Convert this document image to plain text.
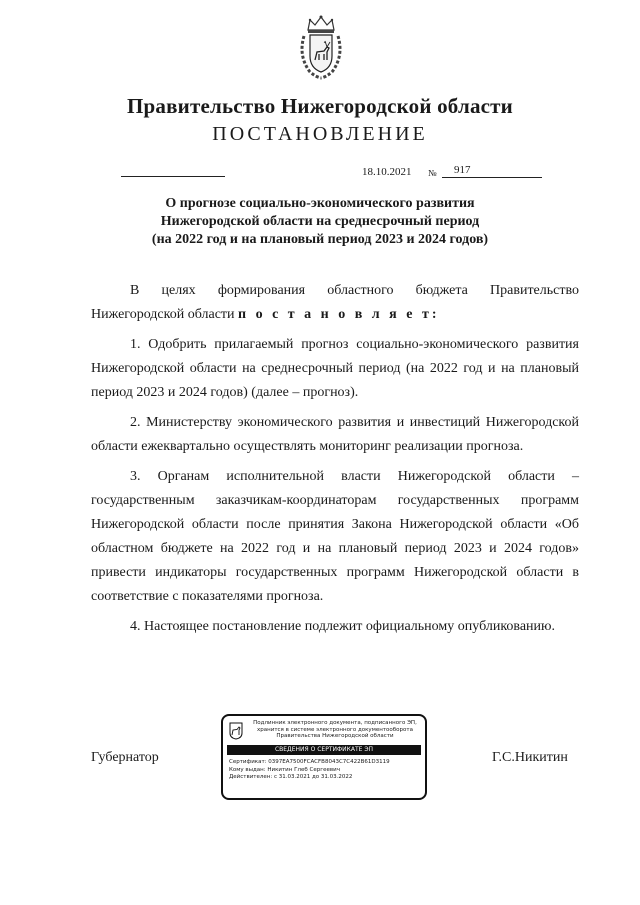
Правительство Нижегородской области
ПОСТАНОВЛЕНИЕ
18.10.2021 №	917
О прогнозе социально-экономического развития
Нижегородской области на среднесрочный период
(на 2022 год и на плановый период 2023 и 2024 годов)

В целях формирования областного бюджета Правительство Нижегородской области п о с т а н о в л я е т:

1. Одобрить прилагаемый прогноз социально-экономического развития Нижегородской области на среднесрочный период (на 2022 год и на плановый период 2023 и 2024 годов) (далее – прогноз).

2. Министерству экономического развития и инвестиций Нижегородской области ежеквартально осуществлять мониторинг реализации прогноза.

3. Органам исполнительной власти Нижегородской области – государственным заказчикам-координаторам государственных программ Нижегородской области после принятия Закона Нижегородской области «Об областном бюджете на 2022 год и на плановый период 2023 и 2024 годов» привести индикаторы государственных программ Нижегородской области в соответствие с показателями прогноза.

4. Настоящее постановление подлежит официальному опубликованию.

Губернатор
Подлинник электронного документа, подписанного ЭП,
хранится в системе электронного документооборота
Правительства Нижегородской области
СВЕДЕНИЯ О СЕРТИФИКАТЕ ЭП
Сертификат: 0397EA7500FCACFB8043C7C422B61D3119
Кому выдан: Никитин Глеб Сергеевич
Действителен: с 31.03.2021 до 31.03.2022
Г.С.Никитин
